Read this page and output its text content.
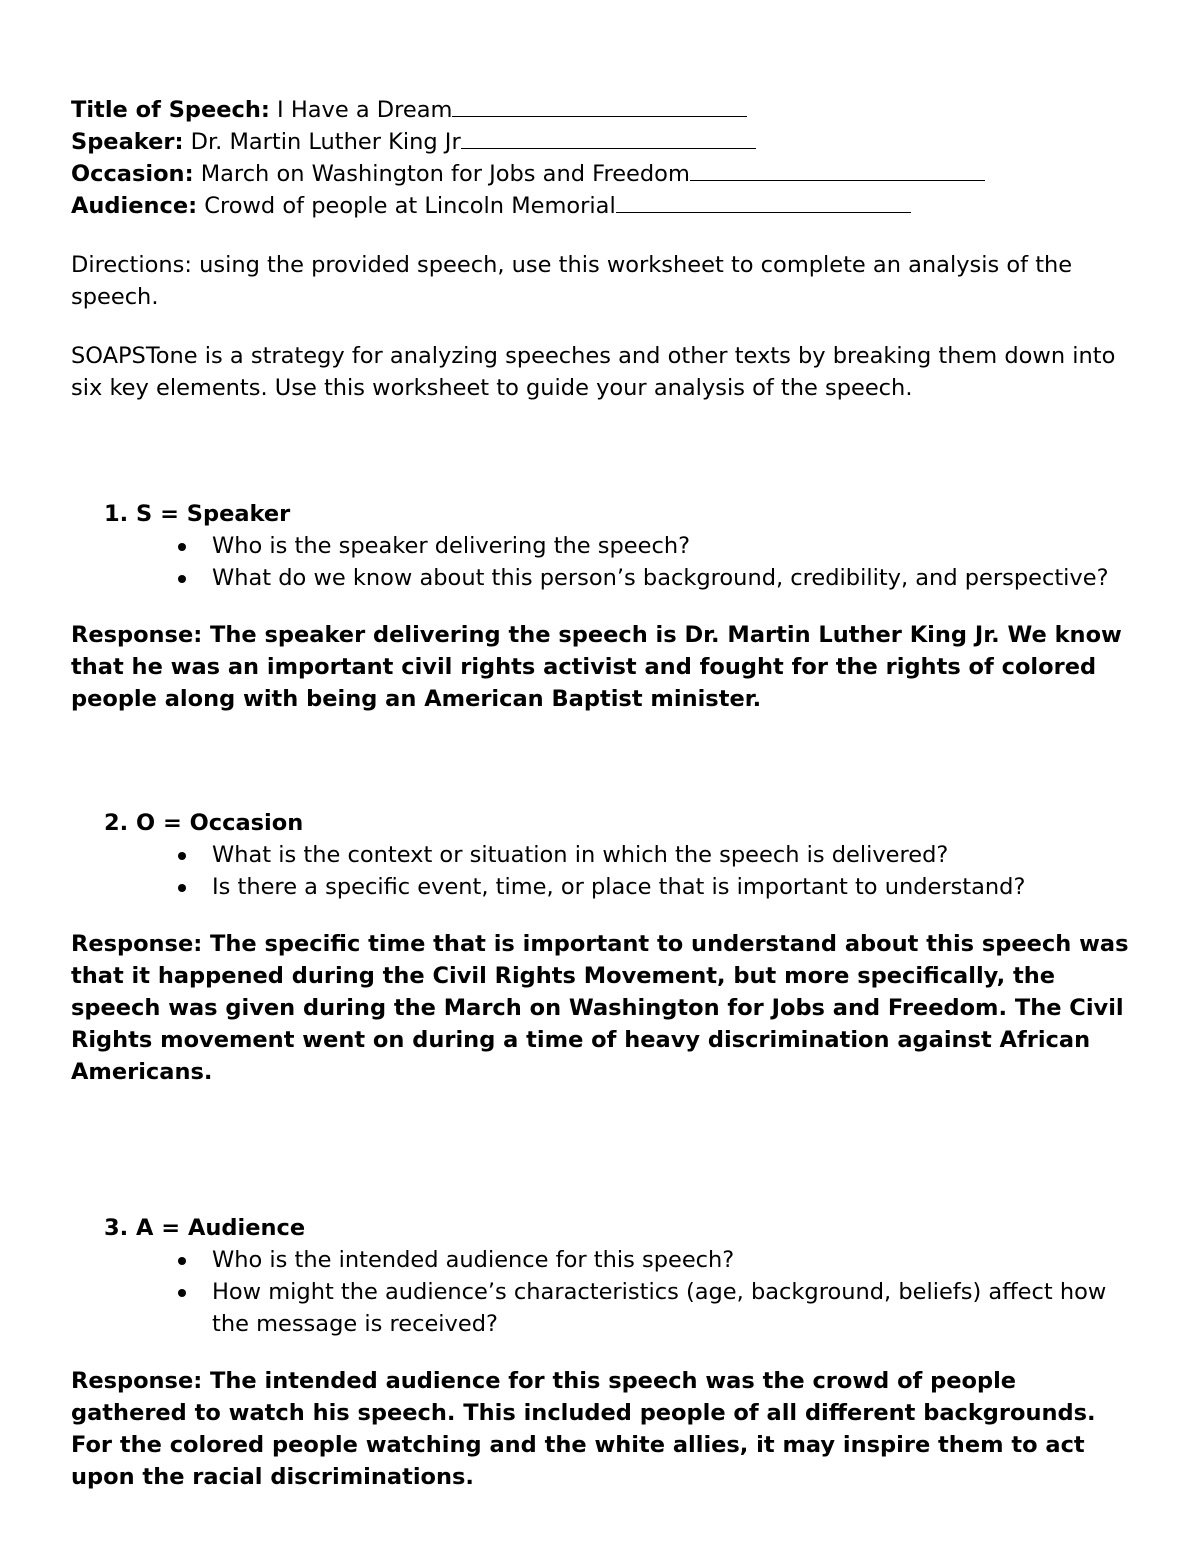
Title of Speech: I Have a Dream
Speaker: Dr. Martin Luther King Jr
Occasion: March on Washington for Jobs and Freedom
Audience: Crowd of people at Lincoln Memorial

Directions: using the provided speech, use this worksheet to complete an analysis of the speech.

SOAPSTone is a strategy for analyzing speeches and other texts by breaking them down into six key elements. Use this worksheet to guide your analysis of the speech.

1. S = Speaker
Who is the speaker delivering the speech?
What do we know about this person’s background, credibility, and perspective?

Response: The speaker delivering the speech is Dr. Martin Luther King Jr. We know that he was an important civil rights activist and fought for the rights of colored people along with being an American Baptist minister.

2. O = Occasion
What is the context or situation in which the speech is delivered?
Is there a specific event, time, or place that is important to understand?

Response: The specific time that is important to understand about this speech was that it happened during the Civil Rights Movement, but more specifically, the speech was given during the March on Washington for Jobs and Freedom. The Civil Rights movement went on during a time of heavy discrimination against African Americans.

3. A = Audience
Who is the intended audience for this speech?
How might the audience’s characteristics (age, background, beliefs) affect how the message is received?

Response: The intended audience for this speech was the crowd of people gathered to watch his speech. This included people of all different backgrounds. For the colored people watching and the white allies, it may inspire them to act upon the racial discriminations.
